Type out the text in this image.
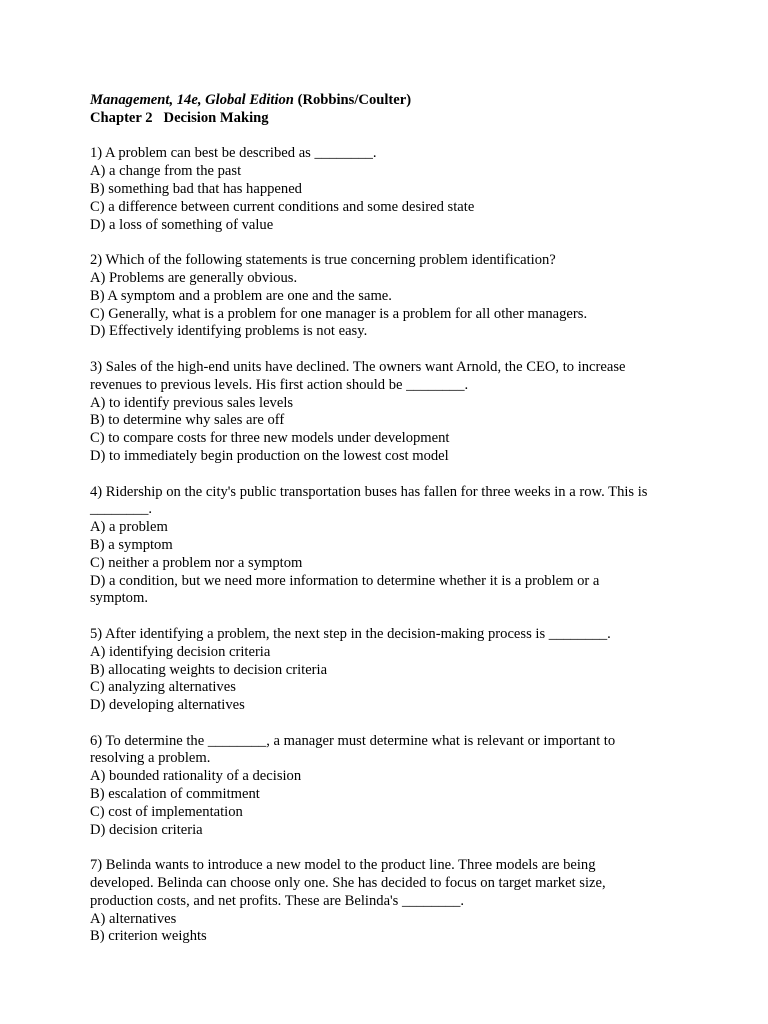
Management, 14e, Global Edition (Robbins/Coulter)

Chapter 2 Decision Making

1) A problem can best be described as ________.

A) a change from the past

B) something bad that has happened

C) a difference between current conditions and some desired state

D) a loss of something of value

2) Which of the following statements is true concerning problem identification?

A) Problems are generally obvious.

B) A symptom and a problem are one and the same.

C) Generally, what is a problem for one manager is a problem for all other managers.

D) Effectively identifying problems is not easy.

3) Sales of the high-end units have declined. The owners want Arnold, the CEO, to increase

revenues to previous levels. His first action should be ________.

A) to identify previous sales levels

B) to determine why sales are off

C) to compare costs for three new models under development

D) to immediately begin production on the lowest cost model

4) Ridership on the city's public transportation buses has fallen for three weeks in a row. This is

________.

A) a problem

B) a symptom

C) neither a problem nor a symptom

D) a condition, but we need more information to determine whether it is a problem or a

symptom.

5) After identifying a problem, the next step in the decision-making process is ________.

A) identifying decision criteria

B) allocating weights to decision criteria

C) analyzing alternatives

D) developing alternatives

6) To determine the ________, a manager must determine what is relevant or important to

resolving a problem.

A) bounded rationality of a decision

B) escalation of commitment

C) cost of implementation

D) decision criteria

7) Belinda wants to introduce a new model to the product line. Three models are being

developed. Belinda can choose only one. She has decided to focus on target market size,

production costs, and net profits. These are Belinda's ________.

A) alternatives

B) criterion weights
